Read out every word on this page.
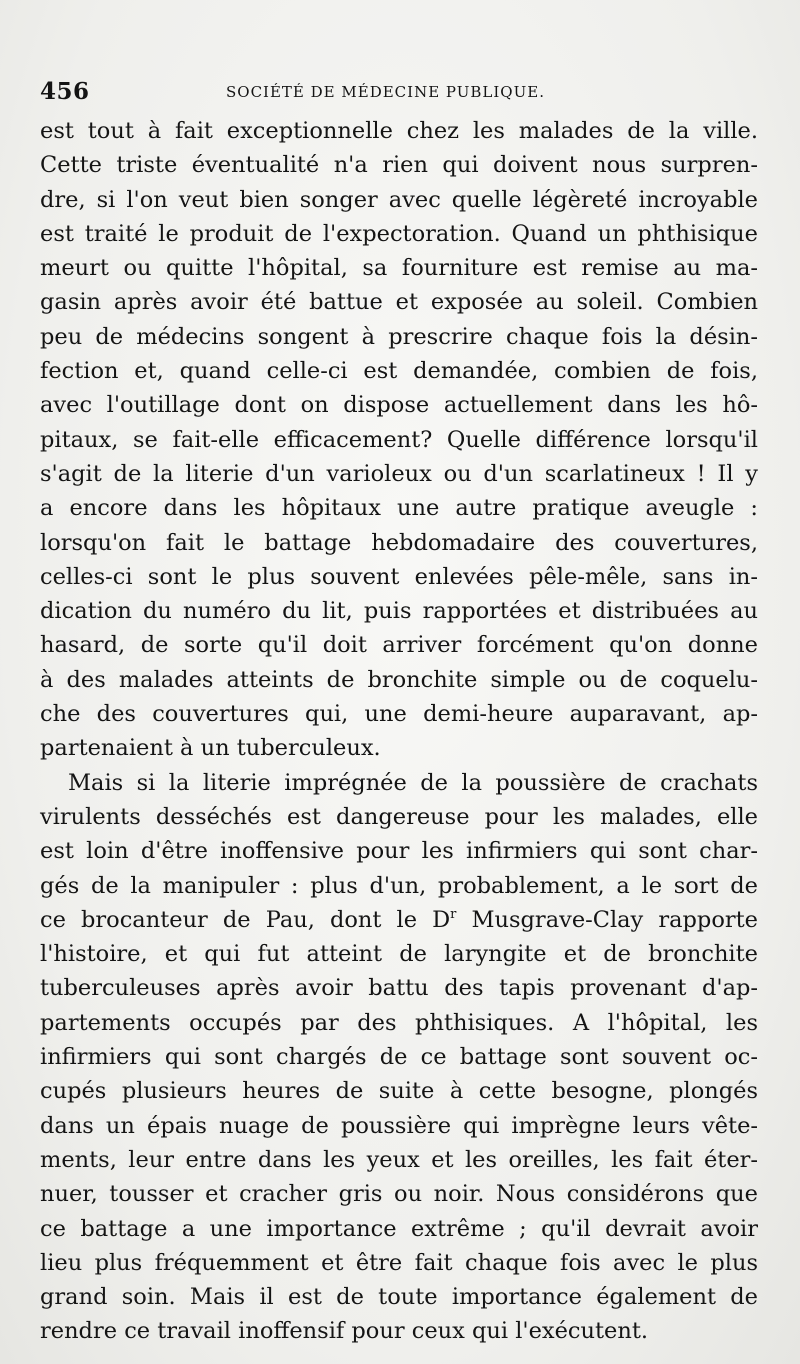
456	SOCIÉTÉ DE MÉDECINE PUBLIQUE.
est tout à fait exceptionnelle chez les malades de la ville.
Cette triste éventualité n'a rien qui doivent nous surpren-
dre, si l'on veut bien songer avec quelle légèreté incroyable
est traité le produit de l'expectoration. Quand un phthisique
meurt ou quitte l'hôpital, sa fourniture est remise au ma-
gasin après avoir été battue et exposée au soleil. Combien
peu de médecins songent à prescrire chaque fois la désin-
fection et, quand celle-ci est demandée, combien de fois,
avec l'outillage dont on dispose actuellement dans les hô-
pitaux, se fait-elle efficacement? Quelle différence lorsqu'il
s'agit de la literie d'un varioleux ou d'un scarlatineux ! Il y
a encore dans les hôpitaux une autre pratique aveugle :
lorsqu'on fait le battage hebdomadaire des couvertures,
celles-ci sont le plus souvent enlevées pêle-mêle, sans in-
dication du numéro du lit, puis rapportées et distribuées au
hasard, de sorte qu'il doit arriver forcément qu'on donne
à des malades atteints de bronchite simple ou de coquelu-
che des couvertures qui, une demi-heure auparavant, ap-
partenaient à un tuberculeux.
Mais si la literie imprégnée de la poussière de crachats
virulents desséchés est dangereuse pour les malades, elle
est loin d'être inoffensive pour les infirmiers qui sont char-
gés de la manipuler : plus d'un, probablement, a le sort de
ce brocanteur de Pau, dont le $D^r$ Musgrave-Clay rapporte
l'histoire, et qui fut atteint de laryngite et de bronchite
tuberculeuses après avoir battu des tapis provenant d'ap-
partements occupés par des phthisiques. A l'hôpital, les
infirmiers qui sont chargés de ce battage sont souvent oc-
cupés plusieurs heures de suite à cette besogne, plongés
dans un épais nuage de poussière qui imprègne leurs vête-
ments, leur entre dans les yeux et les oreilles, les fait éter-
nuer, tousser et cracher gris ou noir. Nous considérons que
ce battage a une importance extrême ; qu'il devrait avoir
lieu plus fréquemment et être fait chaque fois avec le plus
grand soin. Mais il est de toute importance également de
rendre ce travail inoffensif pour ceux qui l'exécutent.
